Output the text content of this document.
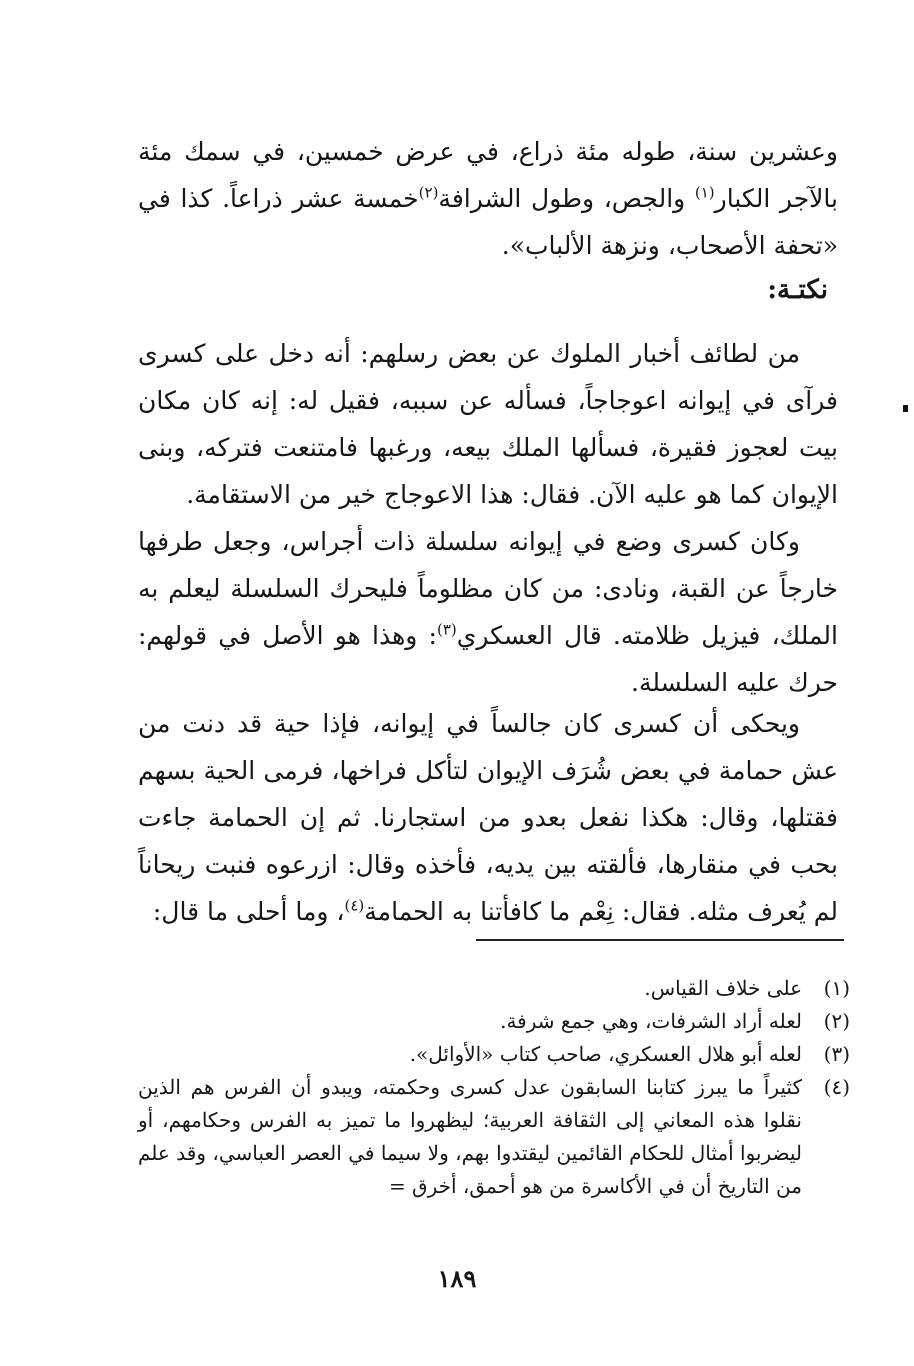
وعشرين سنة، طوله مئة ذراع، في عرض خمسين، في سمك مئة بالآجر الكبار$^{(١)}$ والجص، وطول الشرافة$^{(٢)}$خمسة عشر ذراعاً. كذا في «تحفة الأصحاب، ونزهة الألباب».

نكتـة:

من لطائف أخبار الملوك عن بعض رسلهم: أنه دخل على كسرى فرآى في إيوانه اعوجاجاً، فسأله عن سببه، فقيل له: إنه كان مكان بيت لعجوز فقيرة، فسألها الملك بيعه، ورغبها فامتنعت فتركه، وبنى الإيوان كما هو عليه الآن. فقال: هذا الاعوجاج خير من الاستقامة.

وكان كسرى وضع في إيوانه سلسلة ذات أجراس، وجعل طرفها خارجاً عن القبة، ونادى: من كان مظلوماً فليحرك السلسلة ليعلم به الملك، فيزيل ظلامته. قال العسكري$^{(٣)}$: وهذا هو الأصل في قولهم: حرك عليه السلسلة.

ويحكى أن كسرى كان جالساً في إيوانه، فإذا حية قد دنت من عش حمامة في بعض شُرَف الإيوان لتأكل فراخها، فرمى الحية بسهم فقتلها، وقال: هكذا نفعل بعدو من استجارنا. ثم إن الحمامة جاءت بحب في منقارها، فألقته بين يديه، فأخذه وقال: ازرعوه فنبت ريحاناً لم يُعرف مثله. فقال: نِعْم ما كافأتنا به الحمامة$^{(٤)}$، وما أحلى ما قال:

(١)
على خلاف القياس.
(٢)
لعله أراد الشرفات، وهي جمع شرفة.
(٣)
لعله أبو هلال العسكري، صاحب كتاب «الأوائل».
(٤)
كثيراً ما يبرز كتابنا السابقون عدل كسرى وحكمته، ويبدو أن الفرس هم الذين نقلوا هذه المعاني إلى الثقافة العربية؛ ليظهروا ما تميز به الفرس وحكامهم، أو ليضربوا أمثال للحكام القائمين ليقتدوا بهم، ولا سيما في العصر العباسي، وقد علم من التاريخ أن في الأكاسرة من هو أحمق، أخرق =
١٨٩
